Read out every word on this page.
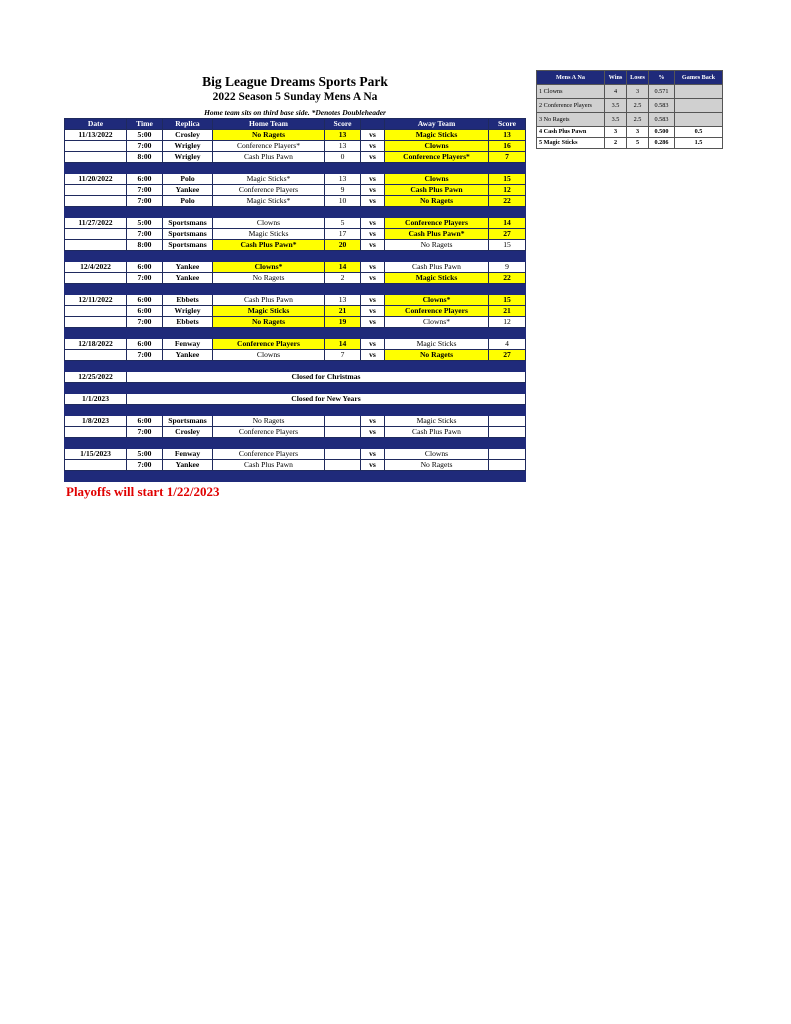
Big League Dreams Sports Park
2022 Season 5 Sunday Mens A Na
Home team sits on third base side. *Denotes Doubleheader
Date	Time	Replica	Home Team	Score		Away Team	Score
11/13/2022	5:00	Crosley	No Ragets	13	vs	Magic Sticks	13
	7:00	Wrigley	Conference Players*	13	vs	Clowns	16
	8:00	Wrigley	Cash Plus Pawn	0	vs	Conference Players*	7

11/20/2022	6:00	Polo	Magic Sticks*	13	vs	Clowns	15
	7:00	Yankee	Conference Players	9	vs	Cash Plus Pawn	12
	7:00	Polo	Magic Sticks*	10	vs	No Ragets	22

11/27/2022	5:00	Sportsmans	Clowns	5	vs	Conference Players	14
	7:00	Sportsmans	Magic Sticks	17	vs	Cash Plus Pawn*	27
	8:00	Sportsmans	Cash Plus Pawn*	20	vs	No Ragets	15

12/4/2022	6:00	Yankee	Clowns*	14	vs	Cash Plus Pawn	9
	7:00	Yankee	No Ragets	2	vs	Magic Sticks	22

12/11/2022	6:00	Ebbets	Cash Plus Pawn	13	vs	Clowns*	15
	6:00	Wrigley	Magic Sticks	21	vs	Conference Players	21
	7:00	Ebbets	No Ragets	19	vs	Clowns*	12

12/18/2022	6:00	Fenway	Conference Players	14	vs	Magic Sticks	4
	7:00	Yankee	Clowns	7	vs	No Ragets	27

12/25/2022	Closed for Christmas						

1/1/2023	Closed for New Years						

1/8/2023	6:00	Sportsmans	No Ragets		vs	Magic Sticks	
	7:00	Crosley	Conference Players		vs	Cash Plus Pawn	

1/15/2023	5:00	Fenway	Conference Players		vs	Clowns	
	7:00	Yankee	Cash Plus Pawn		vs	No Ragets	

Playoffs will start 1/22/2023
Mens A Na	Wins	Loses	%	Games Back
1 Clowns	4	3	0.571	
2 Conference Players	3.5	2.5	0.583	
3 No Ragets	3.5	2.5	0.583	
4 Cash Plus Pawn	3	3	0.500	0.5
5 Magic Sticks	2	5	0.286	1.5
